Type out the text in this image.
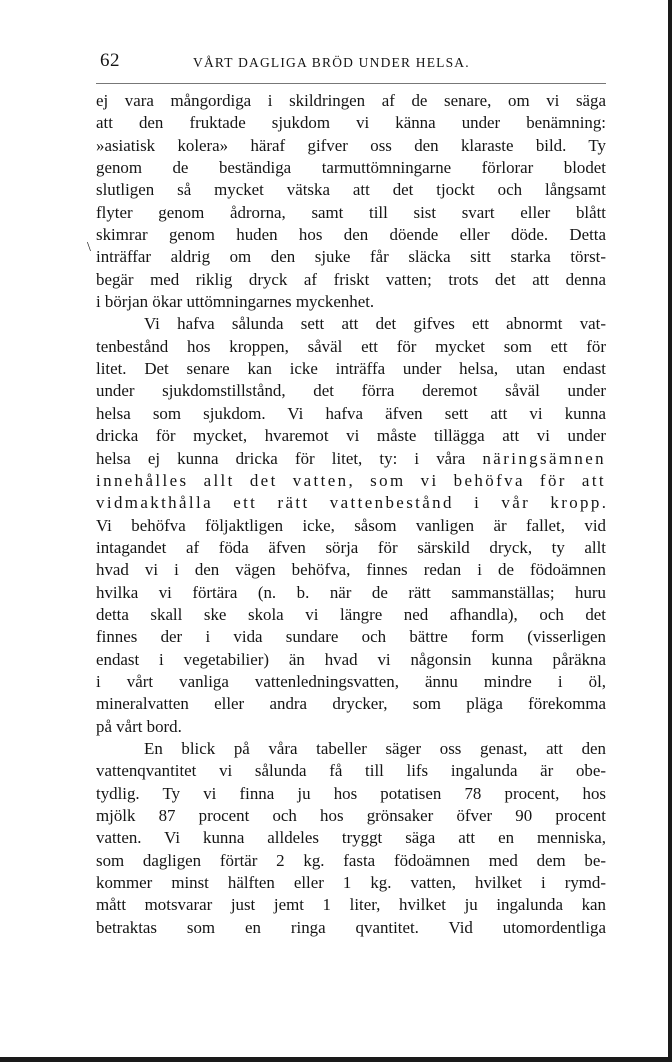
62	VÅRT DAGLIGA BRÖD UNDER HELSA.
\
ej vara mångordiga i skildringen af de senare, om vi säga
att den fruktade sjukdom vi känna under benämning:
»asiatisk kolera» häraf gifver oss den klaraste bild. Ty
genom de beständiga tarmuttömningarne förlorar blodet
slutligen så mycket vätska att det tjockt och långsamt
flyter genom ådrorna, samt till sist svart eller blått
skimrar genom huden hos den döende eller döde. Detta
inträffar aldrig om den sjuke får släcka sitt starka törst-
begär med riklig dryck af friskt vatten; trots det att denna
i början ökar uttömningarnes myckenhet.
Vi hafva sålunda sett att det gifves ett abnormt vat-
tenbestånd hos kroppen, såväl ett för mycket som ett för
litet. Det senare kan icke inträffa under helsa, utan endast
under sjukdomstillstånd, det förra deremot såväl under
helsa som sjukdom. Vi hafva äfven sett att vi kunna
dricka för mycket, hvaremot vi måste tillägga att vi under
helsa ej kunna dricka för litet, ty: i våra näringsämnen
innehålles allt det vatten, som vi behöfva för att
vidmakthålla ett rätt vattenbestånd i vår kropp.
Vi behöfva följaktligen icke, såsom vanligen är fallet, vid
intagandet af föda äfven sörja för särskild dryck, ty allt
hvad vi i den vägen behöfva, finnes redan i de födoämnen
hvilka vi förtära (n. b. när de rätt sammanställas; huru
detta skall ske skola vi längre ned afhandla), och det
finnes der i vida sundare och bättre form (visserligen
endast i vegetabilier) än hvad vi någonsin kunna påräkna
i vårt vanliga vattenledningsvatten, ännu mindre i öl,
mineralvatten eller andra drycker, som pläga förekomma
på vårt bord.
En blick på våra tabeller säger oss genast, att den
vattenqvantitet vi sålunda få till lifs ingalunda är obe-
tydlig. Ty vi finna ju hos potatisen 78 procent, hos
mjölk 87 procent och hos grönsaker öfver 90 procent
vatten. Vi kunna alldeles tryggt säga att en menniska,
som dagligen förtär 2 kg. fasta födoämnen med dem be-
kommer minst hälften eller 1 kg. vatten, hvilket i rymd-
mått motsvarar just jemt 1 liter, hvilket ju ingalunda kan
betraktas som en ringa qvantitet. Vid utomordentliga
